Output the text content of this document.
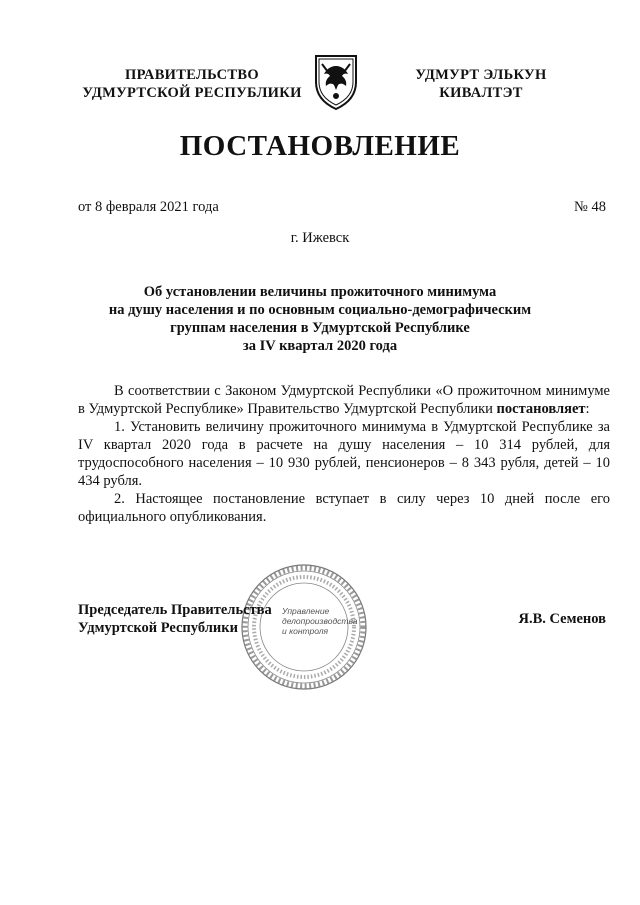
ПРАВИТЕЛЬСТВО
УДМУРТСКОЙ РЕСПУБЛИКИ
УДМУРТ ЭЛЬКУН
КИВАЛТЭТ
ПОСТАНОВЛЕНИЕ
от 8 февраля 2021 года	№ 48
г. Ижевск
Об установлении величины прожиточного минимума
на душу населения и по основным социально-демографическим
группам населения в Удмуртской Республике
за IV квартал 2020 года

В соответствии с Законом Удмуртской Республики «О прожиточном минимуме в Удмуртской Республике» Правительство Удмуртской Республики постановляет:

1. Установить величину прожиточного минимума в Удмуртской Республике за IV квартал 2020 года в расчете на душу населения – 10 314 рублей, для трудоспособного населения – 10 930 рублей, пенсионеров – 8 343 рубля, детей – 10 434 рубля.

2. Настоящее постановление вступает в силу через 10 дней после его официального опубликования.

Управление
делопроизводства
и контроля
Председатель Правительства
Удмуртской Республики
Я.В. Семенов
